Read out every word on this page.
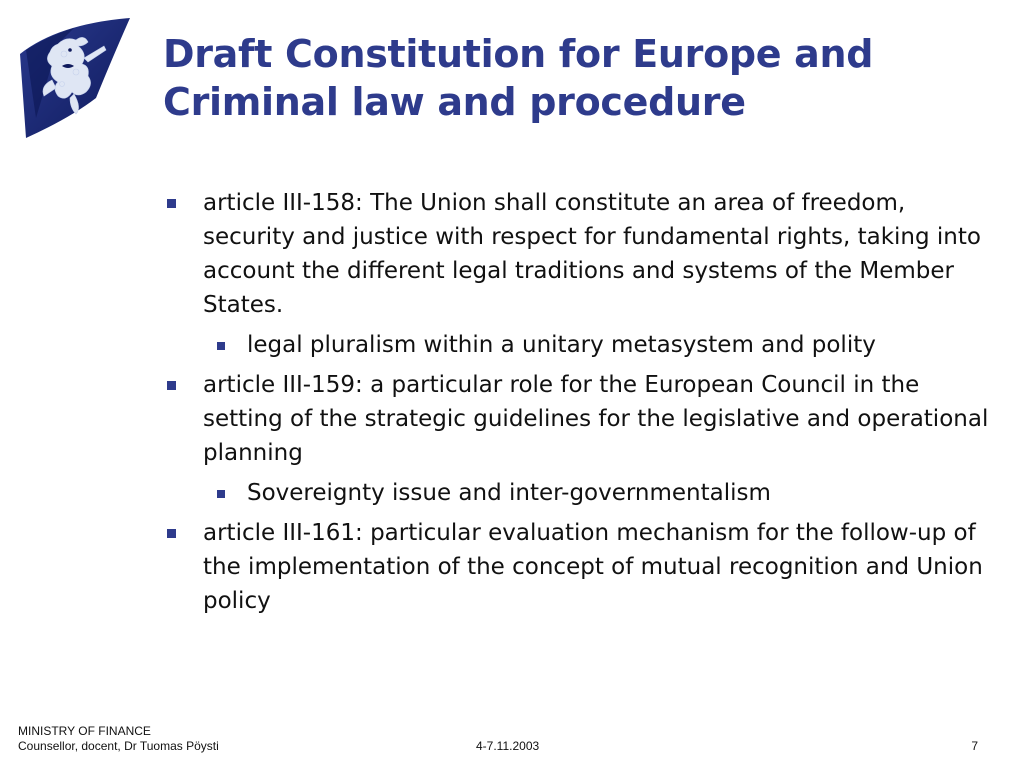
Draft Constitution for Europe and
Criminal law and procedure
article III-158: The Union shall constitute an area of freedom, security and justice with respect for fundamental rights, taking into account the different legal traditions and systems of the Member States.
legal pluralism within a unitary metasystem and polity
article III-159: a particular role for the European Council in the setting of the strategic guidelines for the legislative and operational planning
Sovereignty issue and inter-governmentalism
article III-161: particular evaluation mechanism for the follow-up of the implementation of the concept of mutual recognition and Union policy
MINISTRY OF FINANCE
Counsellor, docent, Dr Tuomas Pöysti	4-7.11.2003	7
